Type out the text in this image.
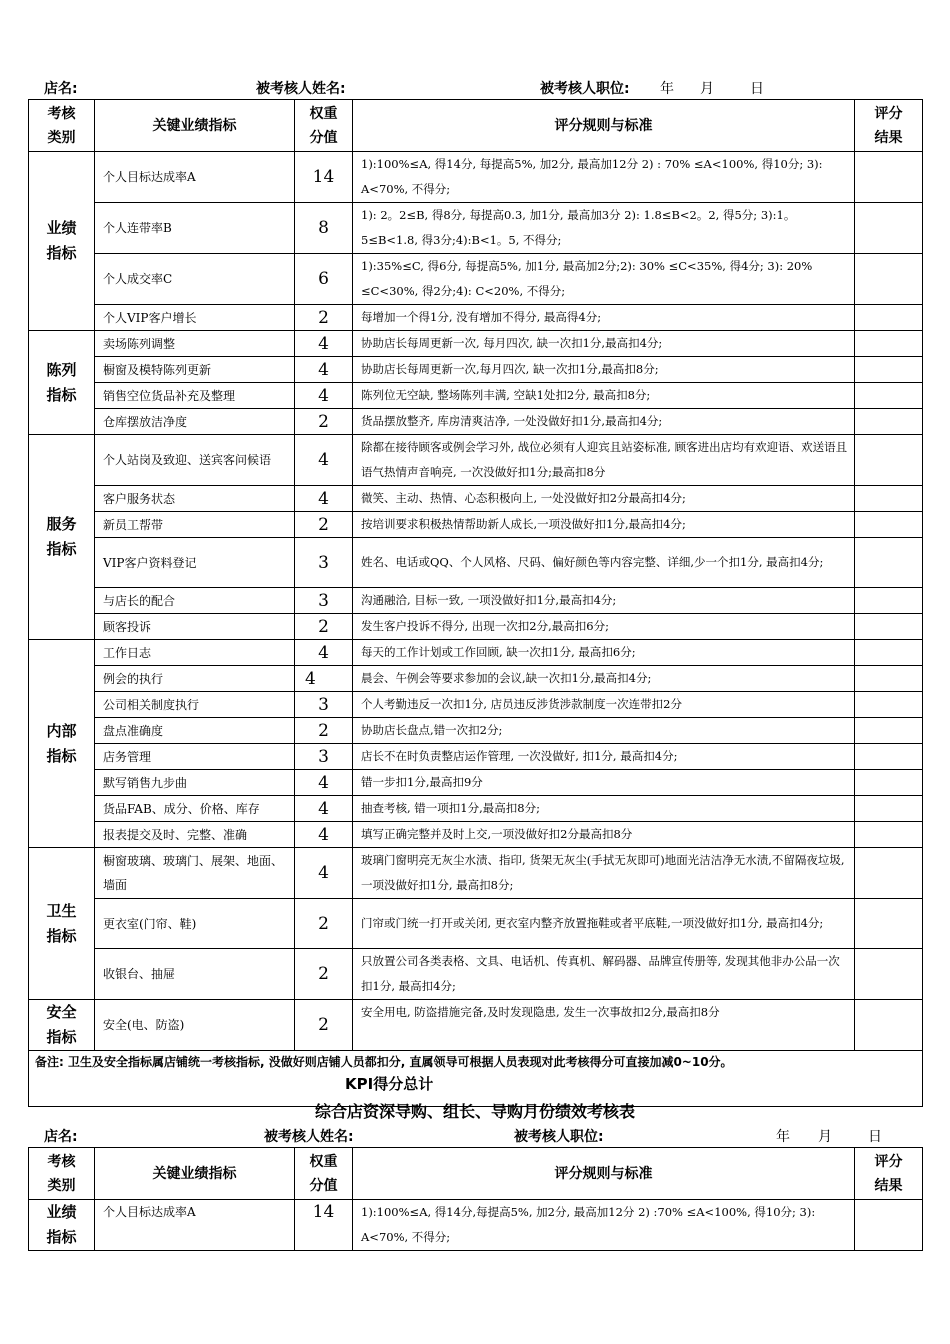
店名:	被考核人姓名:	被考核人职位: 年 月	日
考核类别	关键业绩指标	权重分值	评分规则与标准	评分结果
业绩指标	个人目标达成率A	14	1):100%≤A, 得14分, 每提高5%, 加2分, 最高加12分 2) : 70% ≤A<100%, 得10分; 3): A<70%, 不得分;	
	个人连带率B	8	1): 2。2≤B, 得8分, 每提高0.3, 加1分, 最高加3分 2): 1.8≤B<2。2, 得5分; 3):1。5≤B<1.8, 得3分;4):B<1。5, 不得分;	
	个人成交率C	6	1):35%≤C, 得6分, 每提高5%, 加1分, 最高加2分;2): 30% ≤C<35%, 得4分; 3): 20% ≤C<30%, 得2分;4): C<20%, 不得分;	
	个人VIP客户增长	2	每增加一个得1分, 没有增加不得分, 最高得4分;	
陈列指标	卖场陈列调整	4	协助店长每周更新一次, 每月四次, 缺一次扣1分,最高扣4分;	
	橱窗及模特陈列更新	4	协助店长每周更新一次,每月四次, 缺一次扣1分,最高扣8分;	
	销售空位货品补充及整理	4	陈列位无空缺, 整场陈列丰满, 空缺1处扣2分, 最高扣8分;	
	仓库摆放洁净度	2	货品摆放整齐, 库房清爽洁净, 一处没做好扣1分,最高扣4分;	
服务指标	个人站岗及致迎、送宾客问候语	4	除都在接待顾客或例会学习外, 战位必须有人迎宾且站姿标准, 顾客进出店均有欢迎语、欢送语且语气热情声音响亮, 一次没做好扣1分;最高扣8分	
	客户服务状态	4	微笑、主动、热情、心态积极向上, 一处没做好扣2分最高扣4分;	
	新员工帮带	2	按培训要求积极热情帮助新人成长,一项没做好扣1分,最高扣4分;	
	VIP客户资料登记	3	姓名、电话或QQ、个人风格、尺码、偏好颜色等内容完整、详细,少一个扣1分, 最高扣4分;	
	与店长的配合	3	沟通融洽, 目标一致, 一项没做好扣1分,最高扣4分;	
	顾客投诉	2	发生客户投诉不得分, 出现一次扣2分,最高扣6分;	
内部指标	工作日志	4	每天的工作计划或工作回顾, 缺一次扣1分, 最高扣6分;	
	例会的执行	4	晨会、午例会等要求参加的会议,缺一次扣1分,最高扣4分;	
	公司相关制度执行	3	个人考勤违反一次扣1分, 店员违反涉货涉款制度一次连带扣2分	
	盘点准确度	2	协助店长盘点,错一次扣2分;	
	店务管理	3	店长不在时负责整店运作管理, 一次没做好, 扣1分, 最高扣4分;	
	默写销售九步曲	4	错一步扣1分,最高扣9分	
	货品FAB、成分、价格、库存	4	抽查考核, 错一项扣1分,最高扣8分;	
	报表提交及时、完整、准确	4	填写正确完整并及时上交,一项没做好扣2分最高扣8分	
卫生指标	橱窗玻璃、玻璃门、展架、地面、墙面	4	玻璃门窗明亮无灰尘水渍、指印, 货架无灰尘(手拭无灰即可)地面光洁洁净无水渍,不留隔夜垃圾,一项没做好扣1分, 最高扣8分;	
	更衣室(门帘、鞋)	2	门帘或门统一打开或关闭, 更衣室内整齐放置拖鞋或者平底鞋,一项没做好扣1分, 最高扣4分;	
	收银台、抽屉	2	只放置公司各类表格、文具、电话机、传真机、解码器、品牌宣传册等, 发现其他非办公品一次扣1分, 最高扣4分;	
安全指标	安全(电、防盗)	2	安全用电, 防盗措施完备,及时发现隐患, 发生一次事故扣2分,最高扣8分	
备注: 卫生及安全指标属店铺统一考核指标, 没做好则店铺人员都扣分, 直属领导可根据人员表现对此考核得分可直接加减0~10分。				
KPI得分总计
综合店资深导购、组长、导购月份绩效考核表
店名:	被考核人姓名:	被考核人职位:	年 月	日
考核类别	关键业绩指标	权重分值	评分规则与标准	评分结果
业绩指标	个人目标达成率A	14	1):100%≤A, 得14分,每提高5%, 加2分, 最高加12分 2) :70% ≤A<100%, 得10分; 3): A<70%, 不得分;	
